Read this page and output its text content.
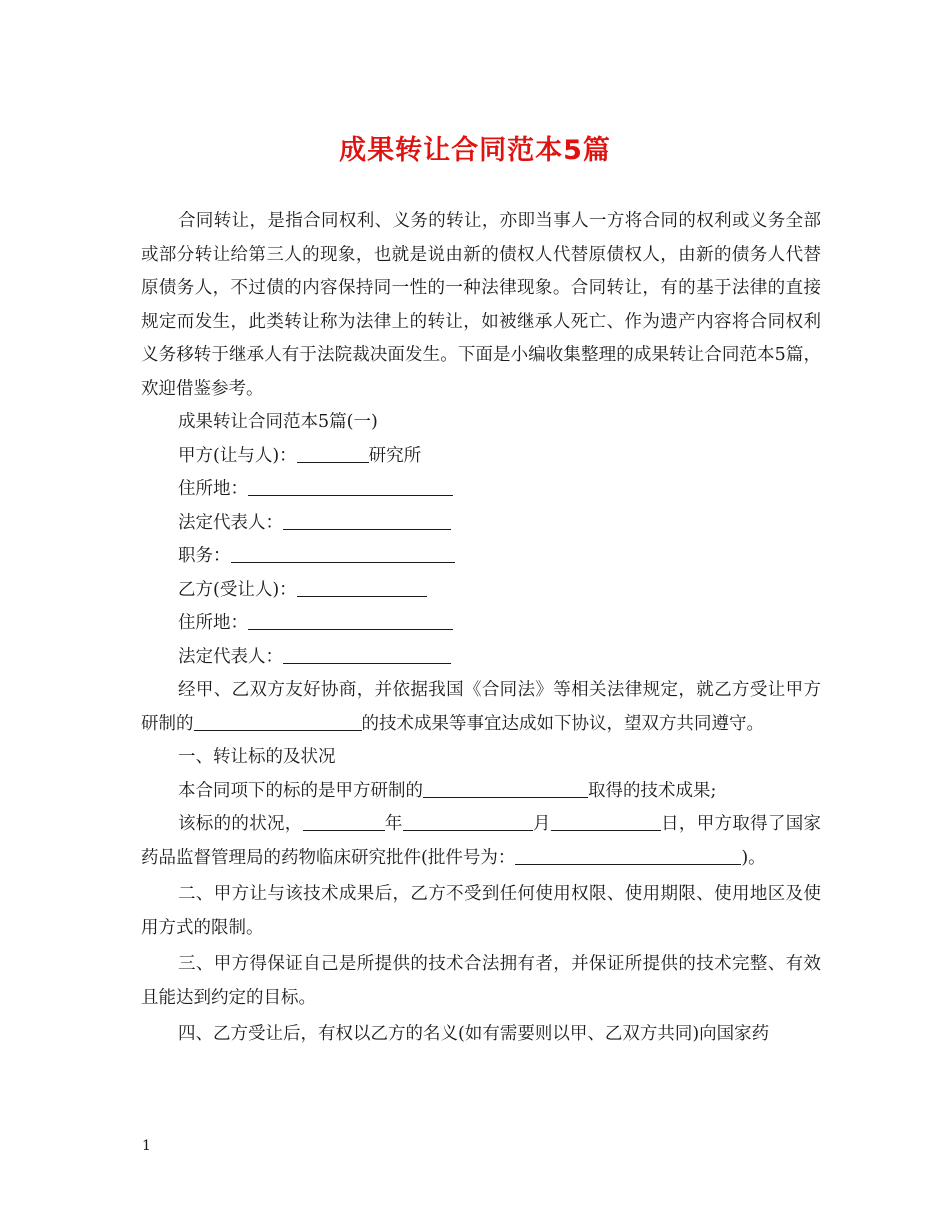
成果转让合同范本5篇

合同转让，是指合同权利、义务的转让，亦即当事人一方将合同的权利或义务全部或部分转让给第三人的现象，也就是说由新的债权人代替原债权人，由新的债务人代替原债务人，不过债的内容保持同一性的一种法律现象。合同转让，有的基于法律的直接规定而发生，此类转让称为法律上的转让，如被继承人死亡、作为遗产内容将合同权利义务移转于继承人有于法院裁决面发生。下面是小编收集整理的成果转让合同范本5篇，欢迎借鉴参考。

成果转让合同范本5篇(一)

甲方(让与人)：	研究所

住所地：

法定代表人：

职务：

乙方(受让人)：

住所地：

法定代表人：

经甲、乙双方友好协商，并依据我国《合同法》等相关法律规定，就乙方受让甲方研制的	的技术成果等事宜达成如下协议，望双方共同遵守。

一、转让标的及状况

本合同项下的标的是甲方研制的	取得的技术成果;

该标的的状况，	年	月	日，甲方取得了国家药品监督管理局的药物临床研究批件(批件号为：	)。

二、甲方让与该技术成果后，乙方不受到任何使用权限、使用期限、使用地区及使用方式的限制。

三、甲方得保证自己是所提供的技术合法拥有者，并保证所提供的技术完整、有效且能达到约定的目标。

四、乙方受让后，有权以乙方的名义(如有需要则以甲、乙双方共同)向国家药

1
